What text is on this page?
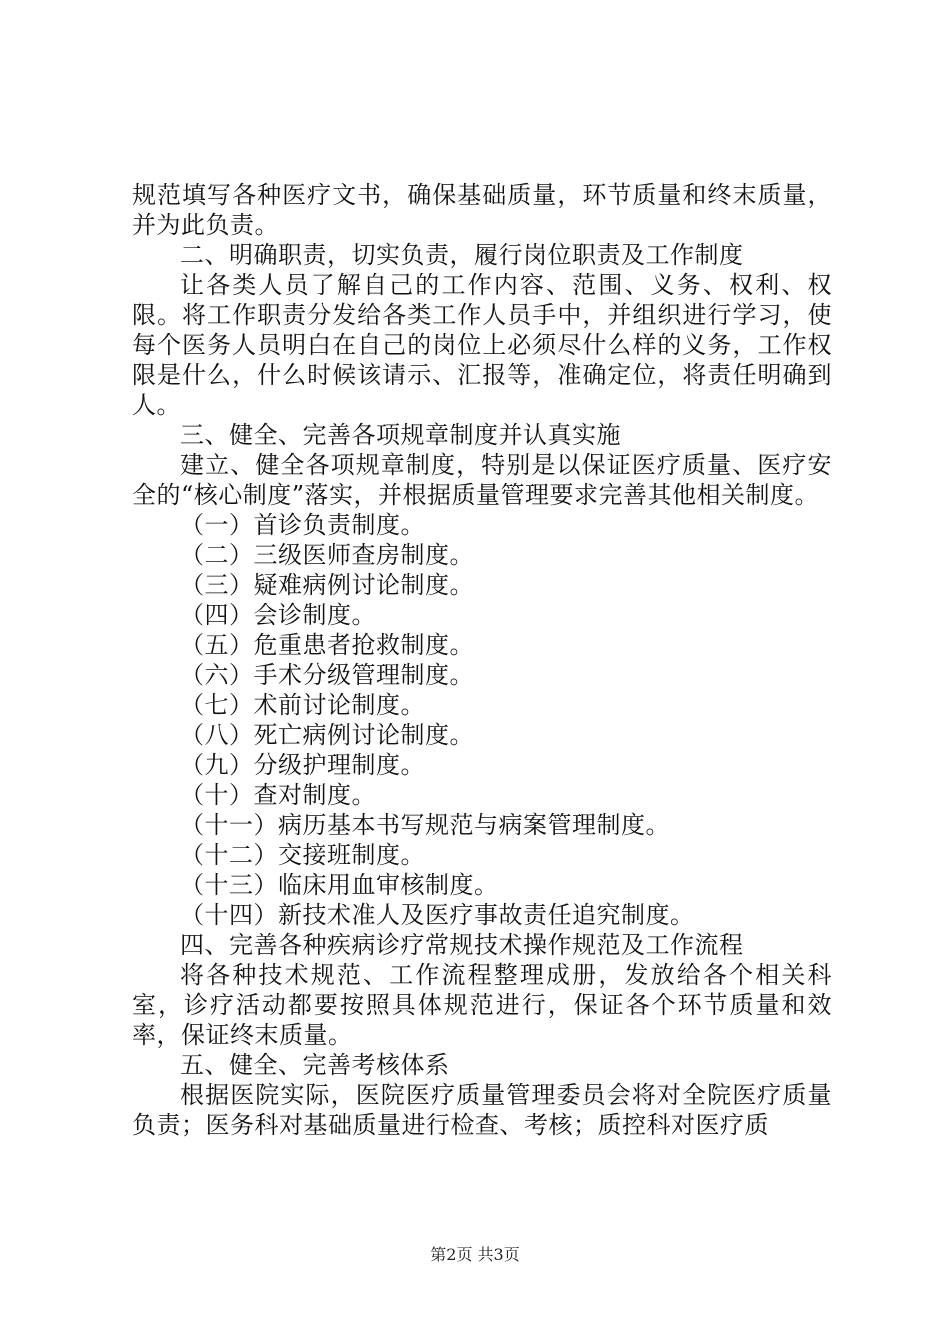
规范填写各种医疗文书，确保基础质量，环节质量和终末质量，并为此负责。

二、明确职责，切实负责，履行岗位职责及工作制度

让各类人员了解自己的工作内容、范围、义务、权利、权限。将工作职责分发给各类工作人员手中，并组织进行学习，使每个医务人员明白在自己的岗位上必须尽什么样的义务，工作权限是什么，什么时候该请示、汇报等，准确定位，将责任明确到人。

三、健全、完善各项规章制度并认真实施

建立、健全各项规章制度，特别是以保证医疗质量、医疗安全的“核心制度”落实，并根据质量管理要求完善其他相关制度。

（一）首诊负责制度。

（二）三级医师查房制度。

（三）疑难病例讨论制度。

（四）会诊制度。

（五）危重患者抢救制度。

（六）手术分级管理制度。

（七）术前讨论制度。

（八）死亡病例讨论制度。

（九）分级护理制度。

（十）查对制度。

（十一）病历基本书写规范与病案管理制度。

（十二）交接班制度。

（十三）临床用血审核制度。

（十四）新技术准人及医疗事故责任追究制度。

四、完善各种疾病诊疗常规技术操作规范及工作流程

将各种技术规范、工作流程整理成册，发放给各个相关科室，诊疗活动都要按照具体规范进行，保证各个环节质量和效率，保证终末质量。

五、健全、完善考核体系

根据医院实际，医院医疗质量管理委员会将对全院医疗质量负责；医务科对基础质量进行检查、考核；质控科对医疗质

第2页 共3页
